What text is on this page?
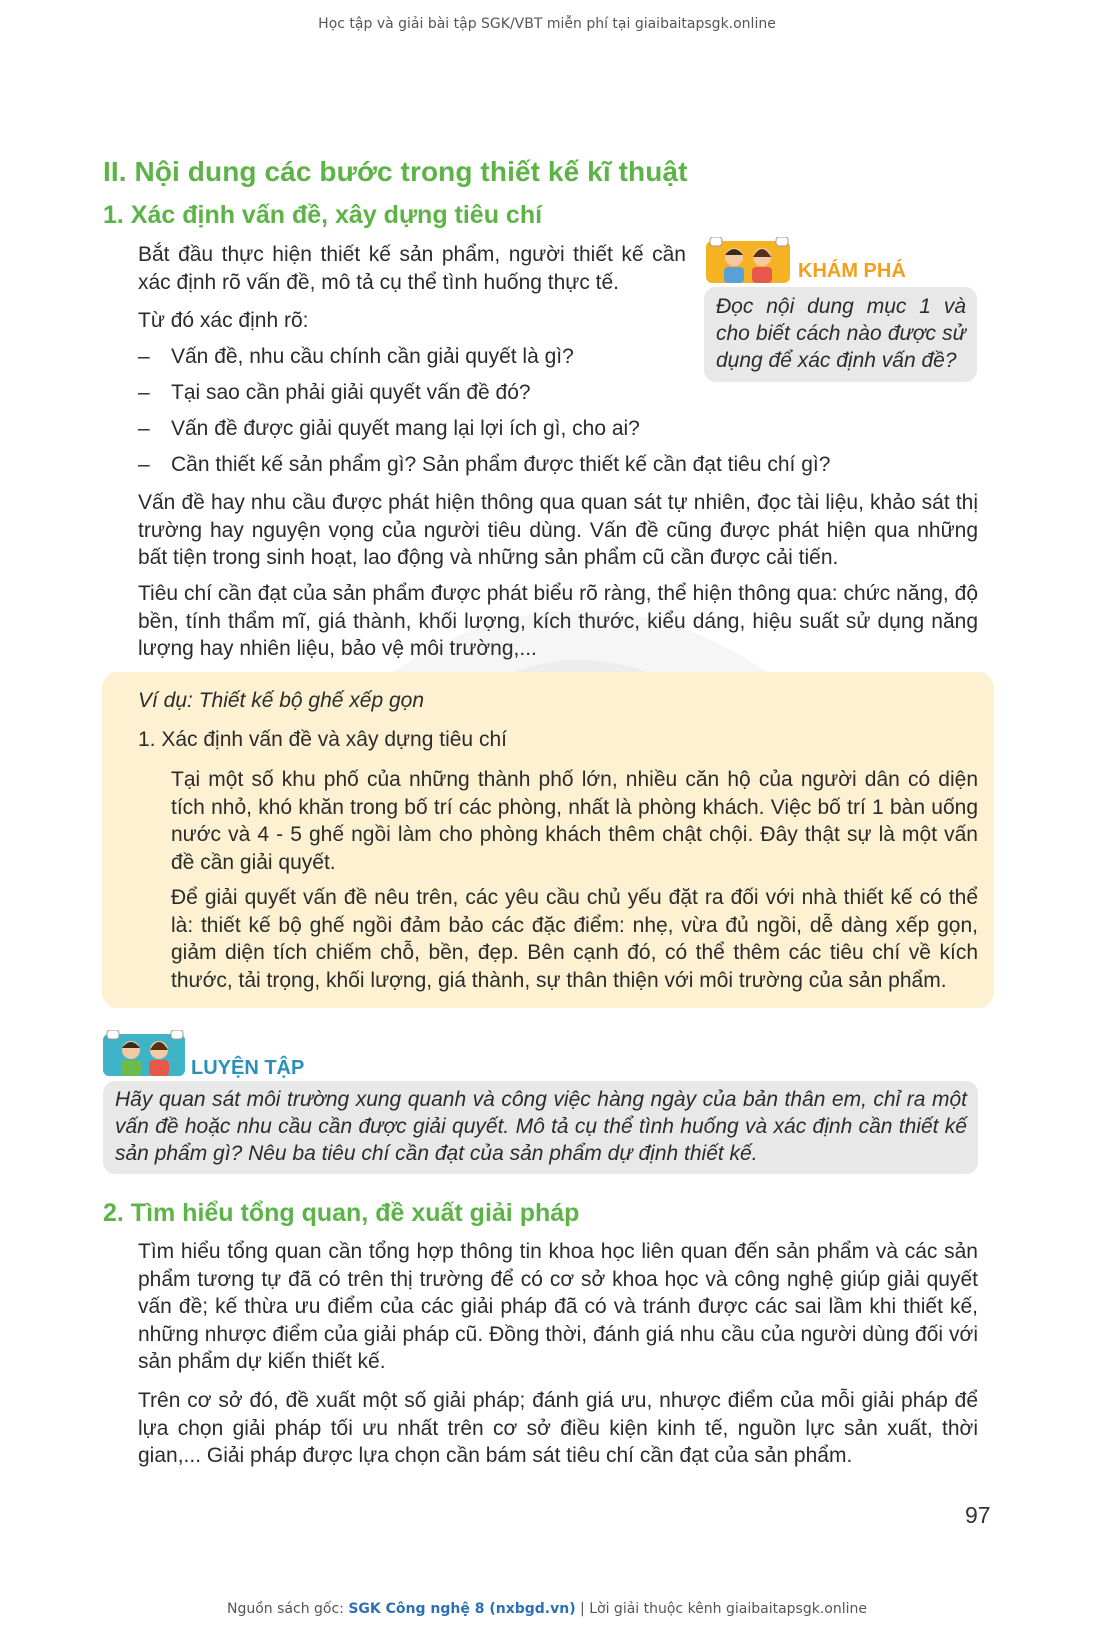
Học tập và giải bài tập SGK/VBT miễn phí tại giaibaitapsgk.online
II. Nội dung các bước trong thiết kế kĩ thuật
1. Xác định vấn đề, xây dựng tiêu chí
Bắt đầu thực hiện thiết kế sản phẩm, người thiết kế cần xác định rõ vấn đề, mô tả cụ thể tình huống thực tế.
Từ đó xác định rõ:
– Vấn đề, nhu cầu chính cần giải quyết là gì?
– Tại sao cần phải giải quyết vấn đề đó?
– Vấn đề được giải quyết mang lại lợi ích gì, cho ai?
– Cần thiết kế sản phẩm gì? Sản phẩm được thiết kế cần đạt tiêu chí gì?
Vấn đề hay nhu cầu được phát hiện thông qua quan sát tự nhiên, đọc tài liệu, khảo sát thị trường hay nguyện vọng của người tiêu dùng. Vấn đề cũng được phát hiện qua những bất tiện trong sinh hoạt, lao động và những sản phẩm cũ cần được cải tiến.
Tiêu chí cần đạt của sản phẩm được phát biểu rõ ràng, thể hiện thông qua: chức năng, độ bền, tính thẩm mĩ, giá thành, khối lượng, kích thước, kiểu dáng, hiệu suất sử dụng năng lượng hay nhiên liệu, bảo vệ môi trường,...
KHÁM PHÁ
Đọc nội dung mục 1 và cho biết cách nào được sử dụng để xác định vấn đề?
Ví dụ: Thiết kế bộ ghế xếp gọn
1. Xác định vấn đề và xây dựng tiêu chí
Tại một số khu phố của những thành phố lớn, nhiều căn hộ của người dân có diện tích nhỏ, khó khăn trong bố trí các phòng, nhất là phòng khách. Việc bố trí 1 bàn uống nước và 4 - 5 ghế ngồi làm cho phòng khách thêm chật chội. Đây thật sự là một vấn đề cần giải quyết.
Để giải quyết vấn đề nêu trên, các yêu cầu chủ yếu đặt ra đối với nhà thiết kế có thể là: thiết kế bộ ghế ngồi đảm bảo các đặc điểm: nhẹ, vừa đủ ngồi, dễ dàng xếp gọn, giảm diện tích chiếm chỗ, bền, đẹp. Bên cạnh đó, có thể thêm các tiêu chí về kích thước, tải trọng, khối lượng, giá thành, sự thân thiện với môi trường của sản phẩm.
LUYỆN TẬP
Hãy quan sát môi trường xung quanh và công việc hàng ngày của bản thân em, chỉ ra một vấn đề hoặc nhu cầu cần được giải quyết. Mô tả cụ thể tình huống và xác định cần thiết kế sản phẩm gì? Nêu ba tiêu chí cần đạt của sản phẩm dự định thiết kế.
2. Tìm hiểu tổng quan, đề xuất giải pháp
Tìm hiểu tổng quan cần tổng hợp thông tin khoa học liên quan đến sản phẩm và các sản phẩm tương tự đã có trên thị trường để có cơ sở khoa học và công nghệ giúp giải quyết vấn đề; kế thừa ưu điểm của các giải pháp đã có và tránh được các sai lầm khi thiết kế, những nhược điểm của giải pháp cũ. Đồng thời, đánh giá nhu cầu của người dùng đối với sản phẩm dự kiến thiết kế.
Trên cơ sở đó, đề xuất một số giải pháp; đánh giá ưu, nhược điểm của mỗi giải pháp để lựa chọn giải pháp tối ưu nhất trên cơ sở điều kiện kinh tế, nguồn lực sản xuất, thời gian,... Giải pháp được lựa chọn cần bám sát tiêu chí cần đạt của sản phẩm.
97
Nguồn sách gốc: SGK Công nghệ 8 (nxbgd.vn) | Lời giải thuộc kênh giaibaitapsgk.online
